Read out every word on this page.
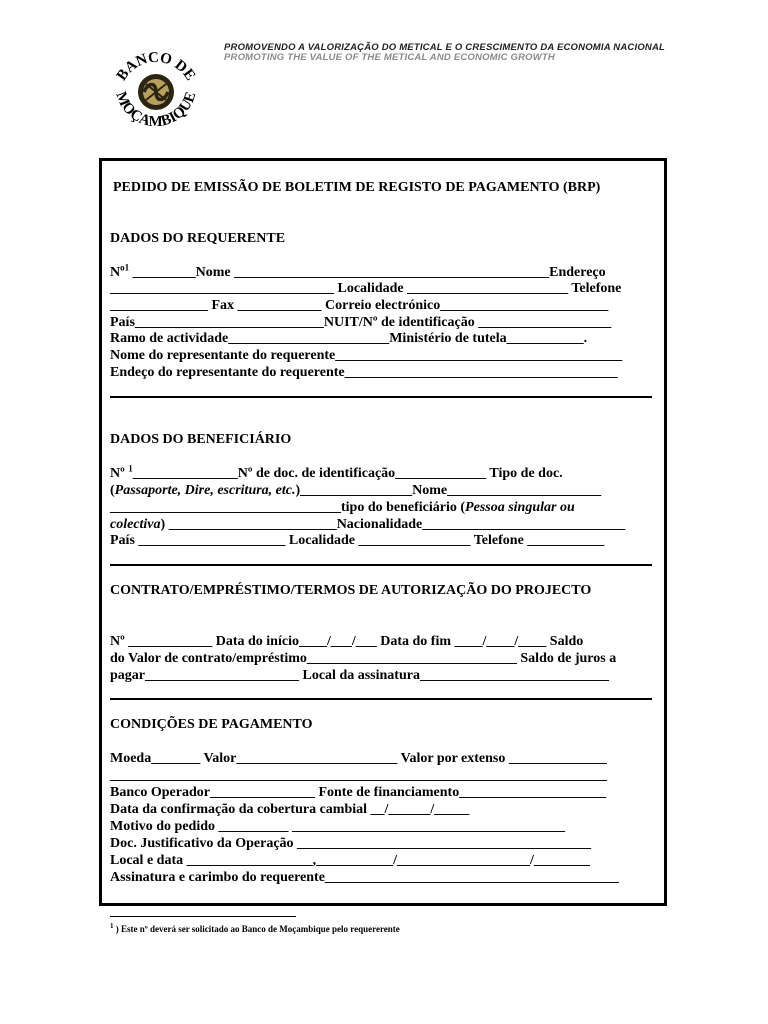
BANCO DE
MOÇAMBIQUE
PROMOVENDO A VALORIZAÇÃO DO METICAL E O CRESCIMENTO DA ECONOMIA NACIONAL
PROMOTING THE VALUE OF THE METICAL AND ECONOMIC GROWTH
PEDIDO DE EMISSÃO DE BOLETIM DE REGISTO DE PAGAMENTO (BRP)
DADOS DO REQUERENTE
$N^{o1}$ _________Nome _____________________________________________Endereço
________________________________ Localidade _______________________ Telefone
______________ Fax ____________ Correio electrónico________________________
País___________________________NUIT/Nº de identificação ___________________
Ramo de actividade_______________________Ministério de tutela___________.
Nome do representante do requerente_________________________________________
Endeço do representante do requerente_______________________________________
DADOS DO BENEFICIÁRIO
Nº $^1$_______________Nº de doc. de identificação_____________ Tipo de doc.
(Passaporte, Dire, escritura, etc.)________________Nome______________________
_________________________________tipo do beneficiário (Pessoa singular ou
colectiva) ________________________Nacionalidade_____________________________
País _____________________ Localidade ________________ Telefone ___________
CONTRATO/EMPRÉSTIMO/TERMOS DE AUTORIZAÇÃO DO PROJECTO
Nº ____________ Data do início____/___/___ Data do fim ____/____/____ Saldo
do Valor de contrato/empréstimo______________________________ Saldo de juros a
pagar______________________ Local da assinatura___________________________
CONDIÇÕES DE PAGAMENTO
Moeda_______ Valor_______________________ Valor por extenso ______________
_______________________________________________________________________
Banco Operador_______________ Fonte de financiamento_____________________
Data da confirmação da cobertura cambial __/______/_____
Motivo do pedido __________ _______________________________________
Doc. Justificativo da Operação __________________________________________
Local e data __________________,___________/___________________/________
Assinatura e carimbo do requerente__________________________________________
$^1$ ) Este nº deverá ser solicitado ao Banco de Moçambique pelo requererente
